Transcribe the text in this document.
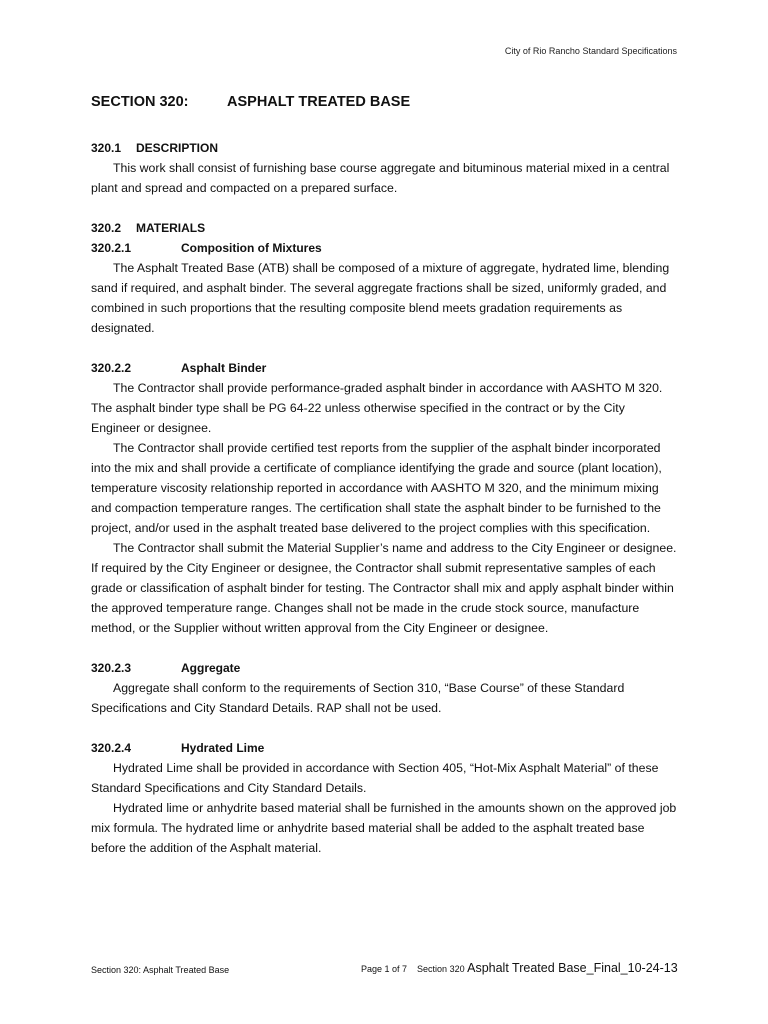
City of Rio Rancho Standard Specifications
SECTION 320:	ASPHALT TREATED BASE
320.1 DESCRIPTION
This work shall consist of furnishing base course aggregate and bituminous material mixed in a central plant and spread and compacted on a prepared surface.
320.2 MATERIALS
320.2.1	Composition of Mixtures
The Asphalt Treated Base (ATB) shall be composed of a mixture of aggregate, hydrated lime, blending sand if required, and asphalt binder. The several aggregate fractions shall be sized, uniformly graded, and combined in such proportions that the resulting composite blend meets gradation requirements as designated.
320.2.2	Asphalt Binder
The Contractor shall provide performance-graded asphalt binder in accordance with AASHTO M 320. The asphalt binder type shall be PG 64-22 unless otherwise specified in the contract or by the City Engineer or designee.
The Contractor shall provide certified test reports from the supplier of the asphalt binder incorporated into the mix and shall provide a certificate of compliance identifying the grade and source (plant location), temperature viscosity relationship reported in accordance with AASHTO M 320, and the minimum mixing and compaction temperature ranges. The certification shall state the asphalt binder to be furnished to the project, and/or used in the asphalt treated base delivered to the project complies with this specification.
The Contractor shall submit the Material Supplier’s name and address to the City Engineer or designee. If required by the City Engineer or designee, the Contractor shall submit representative samples of each grade or classification of asphalt binder for testing. The Contractor shall mix and apply asphalt binder within the approved temperature range. Changes shall not be made in the crude stock source, manufacture method, or the Supplier without written approval from the City Engineer or designee.
320.2.3	Aggregate
Aggregate shall conform to the requirements of Section 310, “Base Course” of these Standard Specifications and City Standard Details. RAP shall not be used.
320.2.4	Hydrated Lime
Hydrated Lime shall be provided in accordance with Section 405, “Hot-Mix Asphalt Material” of these Standard Specifications and City Standard Details.
Hydrated lime or anhydrite based material shall be furnished in the amounts shown on the approved job mix formula. The hydrated lime or anhydrite based material shall be added to the asphalt treated base before the addition of the Asphalt material.
Section 320: Asphalt Treated Base	Page 1 of 7 Section 320 Asphalt Treated Base_Final_10-24-13
